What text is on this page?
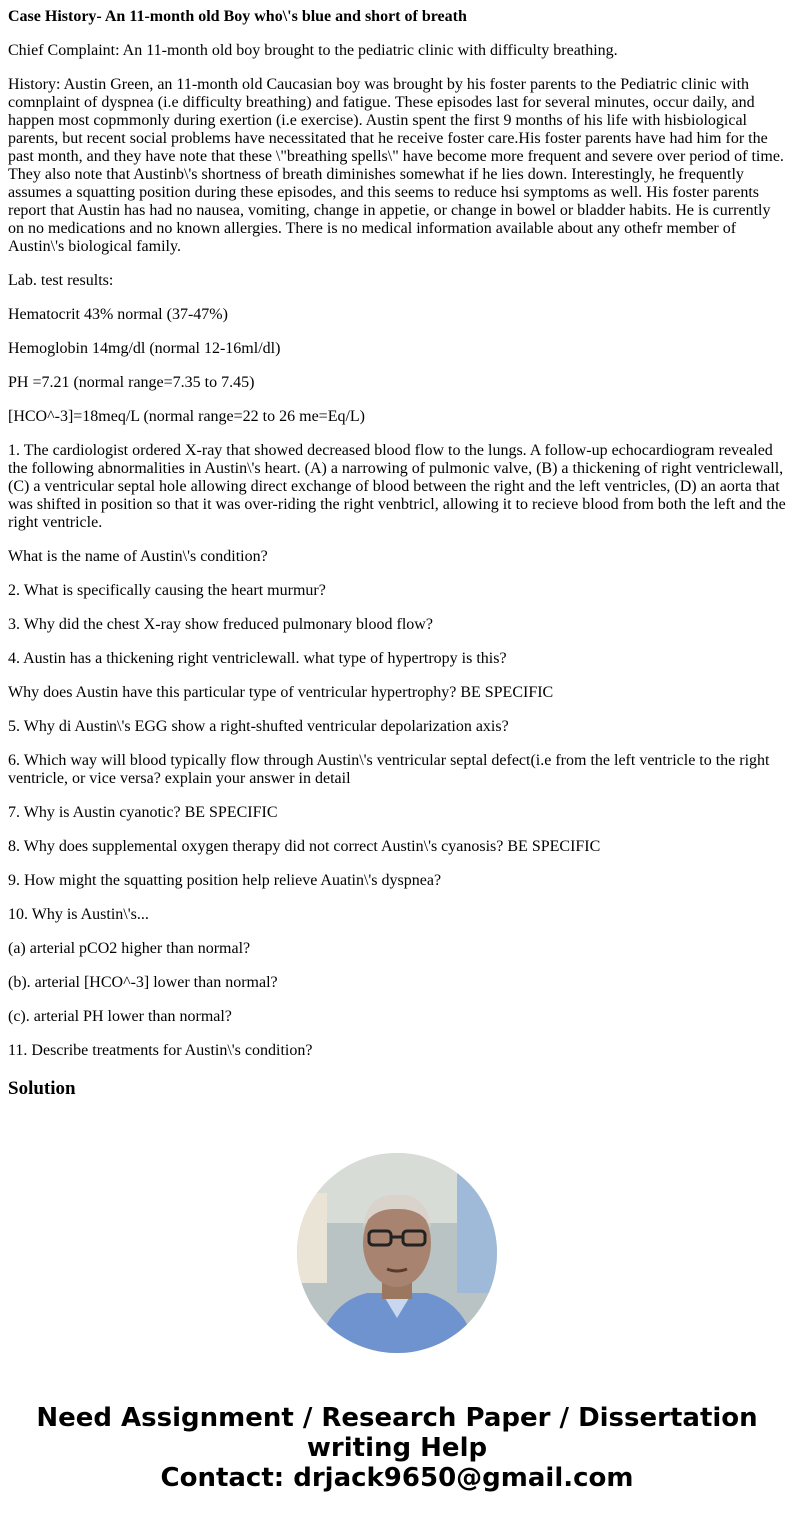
Case History- An 11-month old Boy who\'s blue and short of breath

Chief Complaint: An 11-month old boy brought to the pediatric clinic with difficulty breathing.

History: Austin Green, an 11-month old Caucasian boy was brought by his foster parents to the Pediatric clinic with comnplaint of dyspnea (i.e difficulty breathing) and fatigue. These episodes last for several minutes, occur daily, and happen most copmmonly during exertion (i.e exercise). Austin spent the first 9 months of his life with hisbiological parents, but recent social problems have necessitated that he receive foster care.His foster parents have had him for the past month, and they have note that these \"breathing spells\" have become more frequent and severe over period of time. They also note that Austinb\'s shortness of breath diminishes somewhat if he lies down. Interestingly, he frequently assumes a squatting position during these episodes, and this seems to reduce hsi symptoms as well. His foster parents report that Austin has had no nausea, vomiting, change in appetie, or change in bowel or bladder habits. He is currently on no medications and no known allergies. There is no medical information available about any othefr member of Austin\'s biological family.

Lab. test results:

Hematocrit 43% normal (37-47%)

Hemoglobin 14mg/dl (normal 12-16ml/dl)

PH =7.21 (normal range=7.35 to 7.45)

[HCO^-3]=18meq/L (normal range=22 to 26 me=Eq/L)

1. The cardiologist ordered X-ray that showed decreased blood flow to the lungs. A follow-up echocardiogram revealed the following abnormalities in Austin\'s heart. (A) a narrowing of pulmonic valve, (B) a thickening of right ventriclewall, (C) a ventricular septal hole allowing direct exchange of blood between the right and the left ventricles, (D) an aorta that was shifted in position so that it was over-riding the right venbtricl, allowing it to recieve blood from both the left and the right ventricle.

What is the name of Austin\'s condition?

2. What is specifically causing the heart murmur?

3. Why did the chest X-ray show freduced pulmonary blood flow?

4. Austin has a thickening right ventriclewall. what type of hypertropy is this?

Why does Austin have this particular type of ventricular hypertrophy? BE SPECIFIC

5. Why di Austin\'s EGG show a right-shufted ventricular depolarization axis?

6. Which way will blood typically flow through Austin\'s ventricular septal defect(i.e from the left ventricle to the right ventricle, or vice versa? explain your answer in detail

7. Why is Austin cyanotic? BE SPECIFIC

8. Why does supplemental oxygen therapy did not correct Austin\'s cyanosis? BE SPECIFIC

9. How might the squatting position help relieve Auatin\'s dyspnea?

10. Why is Austin\'s...

(a) arterial pCO2 higher than normal?

(b). arterial [HCO^-3] lower than normal?

(c). arterial PH lower than normal?

11. Describe treatments for Austin\'s condition?

Solution
Need Assignment / Research Paper / Dissertation writing Help
Contact: drjack9650@gmail.com
